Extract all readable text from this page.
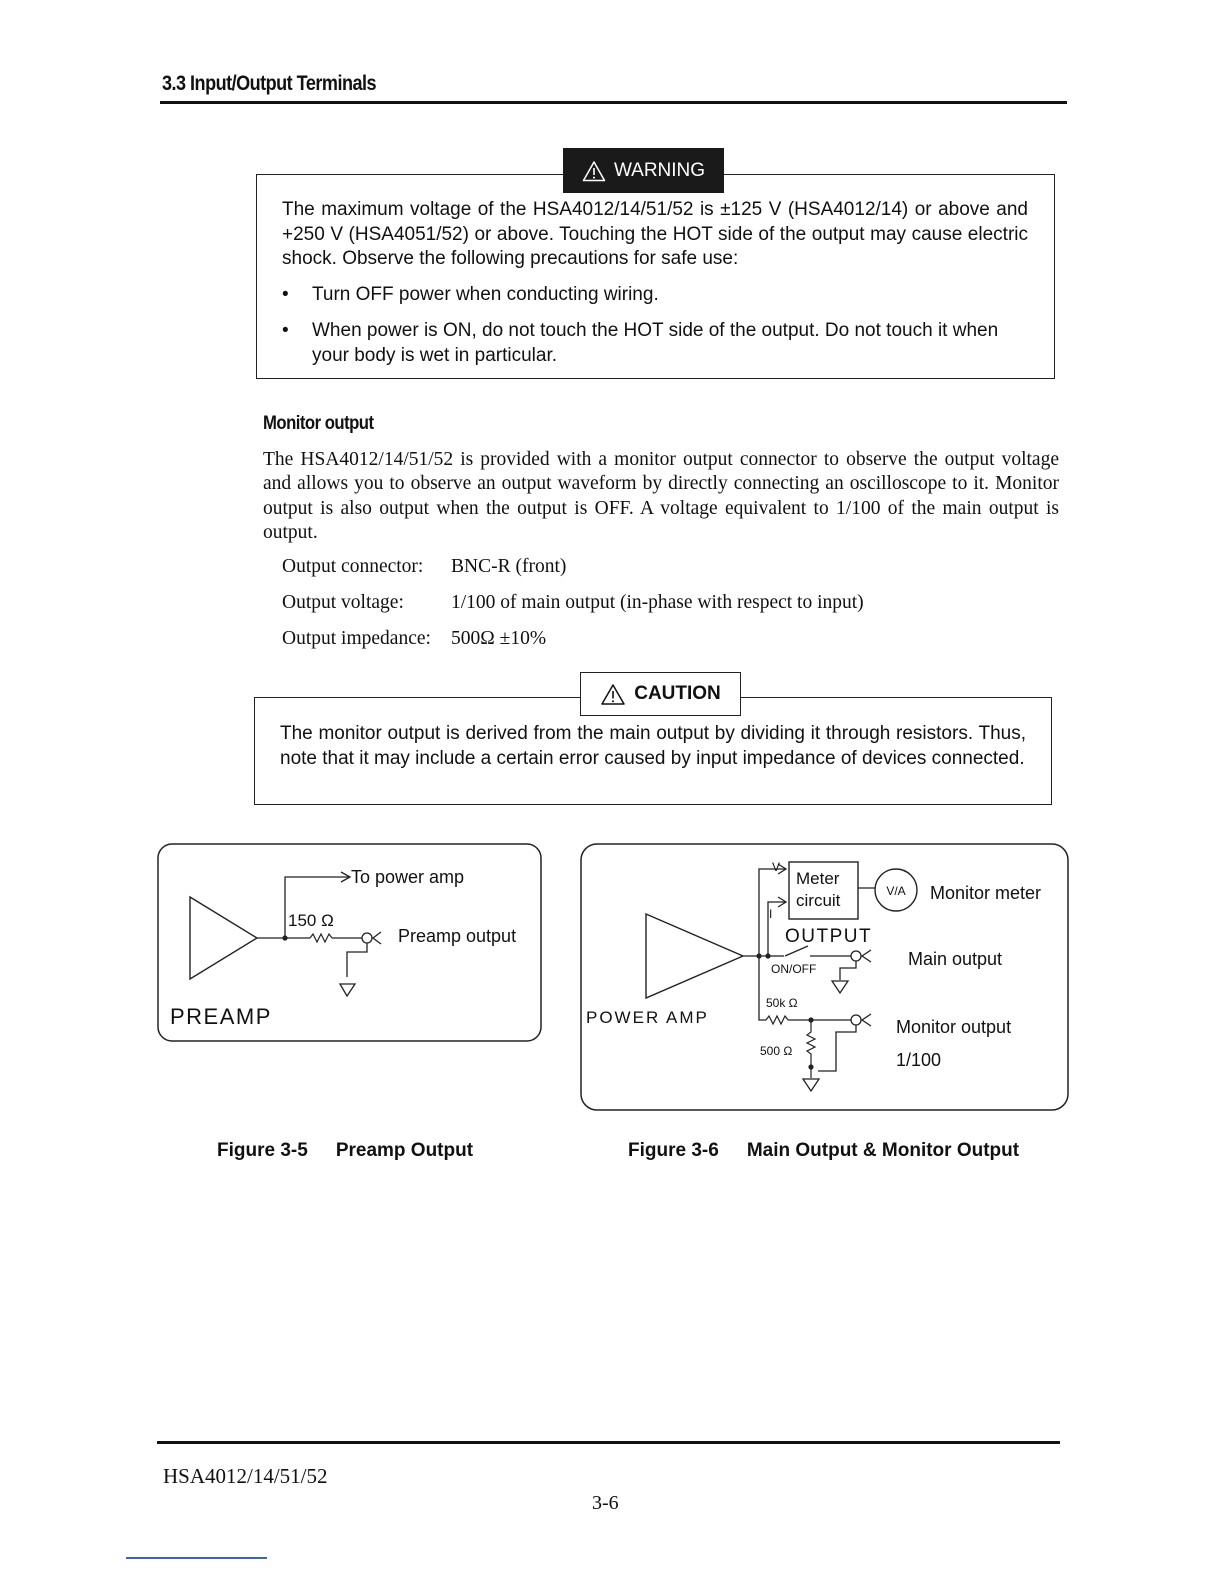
3.3 Input/Output Terminals
WARNING
The maximum voltage of the HSA4012/14/51/52 is ±125 V (HSA4012/14) or above and +250 V (HSA4051/52) or above. Touching the HOT side of the output may cause electric shock. Observe the following precautions for safe use:
•	Turn OFF power when conducting wiring.
•	When power is ON, do not touch the HOT side of the output. Do not touch it when your body is wet in particular.
Monitor output
The HSA4012/14/51/52 is provided with a monitor output connector to observe the output voltage and allows you to observe an output waveform by directly connecting an oscilloscope to it. Monitor output is also output when the output is OFF. A voltage equivalent to 1/100 of the main output is output.
Output connector: BNC-R (front)
Output voltage: 1/100 of main output (in-phase with respect to input)
Output impedance: 500Ω ±10%
CAUTION
The monitor output is derived from the main output by dividing it through resistors. Thus, note that it may include a certain error caused by input impedance of devices connected.
To power amp
150 Ω
Preamp output
PREAMP
V
I
Meter
circuit	V/A Monitor meter
OUTPUT
ON/OFF	Main output
50k Ω
500 Ω
Monitor output
1/100
POWER AMP
Figure 3-5 Preamp Output	Figure 3-6 Main Output & Monitor Output
HSA4012/14/51/52
3-6
